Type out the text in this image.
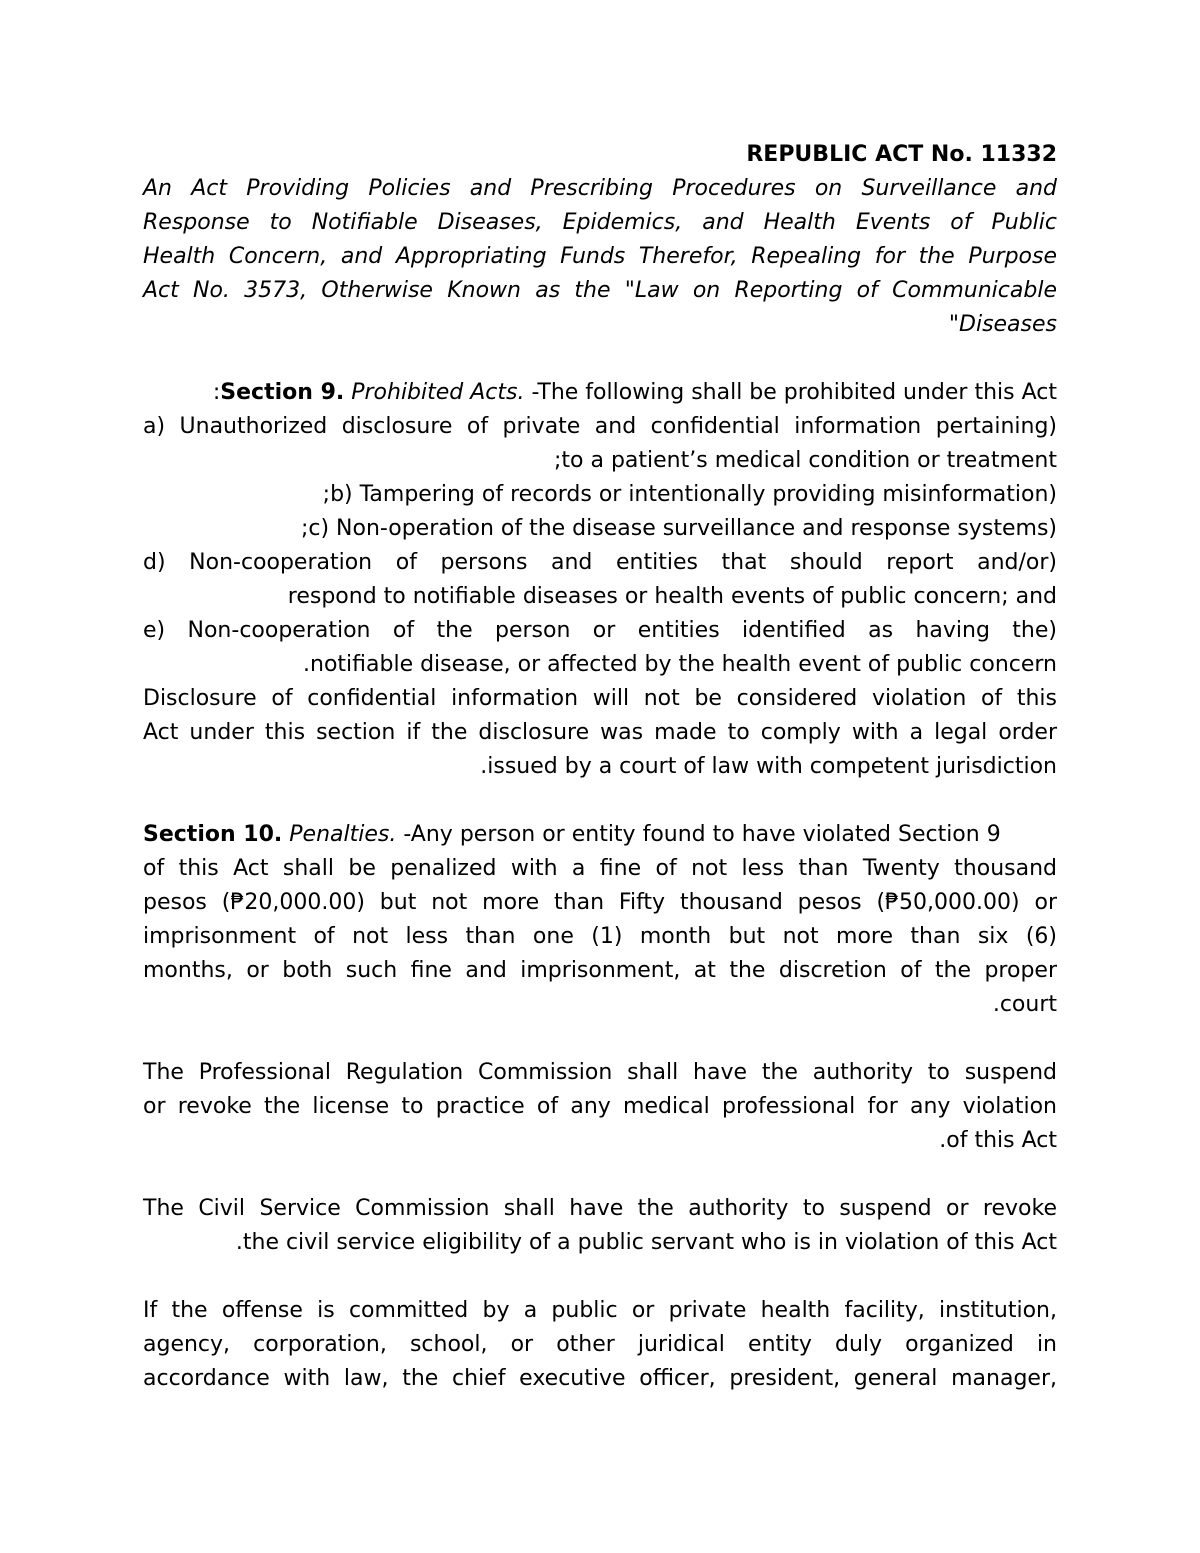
REPUBLIC ACT No. 11332
An Act Providing Policies and Prescribing Procedures on Surveillance and
Response to Notifiable Diseases, Epidemics, and Health Events of Public
Health Concern, and Appropriating Funds Therefor, Repealing for the Purpose
Act No. 3573, Otherwise Known as the "Law on Reporting of Communicable
"Diseases
:Section 9. Prohibited Acts. -The following shall be prohibited under this Act
a) Unauthorized disclosure of private and confidential information pertaining)
;to a patient’s medical condition or treatment
;b) Tampering of records or intentionally providing misinformation)
;c) Non-operation of the disease surveillance and response systems)
d) Non-cooperation of persons and entities that should report and/or)
respond to notifiable diseases or health events of public concern; and
e) Non-cooperation of the person or entities identified as having the)
.notifiable disease, or affected by the health event of public concern
Disclosure of confidential information will not be considered violation of this
Act under this section if the disclosure was made to comply with a legal order
.issued by a court of law with competent jurisdiction
Section 10. Penalties. -Any person or entity found to have violated Section 9
of this Act shall be penalized with a fine of not less than Twenty thousand
pesos (₱20,000.00) but not more than Fifty thousand pesos (₱50,000.00) or
imprisonment of not less than one (1) month but not more than six (6)
months, or both such fine and imprisonment, at the discretion of the proper
.court
The Professional Regulation Commission shall have the authority to suspend
or revoke the license to practice of any medical professional for any violation
.of this Act
The Civil Service Commission shall have the authority to suspend or revoke
.the civil service eligibility of a public servant who is in violation of this Act
If the offense is committed by a public or private health facility, institution,
agency, corporation, school, or other juridical entity duly organized in
accordance with law, the chief executive officer, president, general manager,
